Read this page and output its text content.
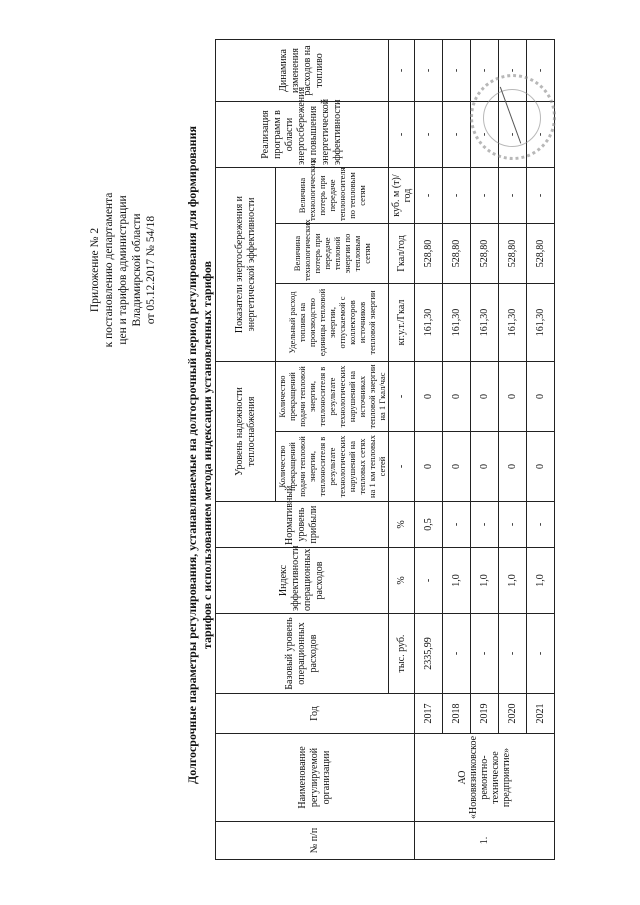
Приложение № 2 к постановлению департамента цен и тарифов администрации Владимирской области от 05.12.2017 № 54/18 Долгосрочные параметры регулирования, устанавливаемые на долгосрочный период регулирования для формирования тарифов с использованием метода индексации установленных тарифов
№ п/п	Наименование регулируемой организации	Год	Базовый уровень операционных расходов	Индекс эффективности операционных расходов	Нормативный уровень прибыли	Уровень надежности теплоснабжения		Показатели энергосбережения и энергетической эффективности			Реализация программ в области энергосбережения и повышения энергетической эффективности	Динамика изменения расходов на топливо
						Количество прекращений подачи тепловой энергии, теплоносителя в результате технологических нарушений на тепловых сетях на 1 км тепловых сетей	Количество прекращений подачи тепловой энергии, теплоносителя в результате технологических нарушений на источниках тепловой энергии на 1 Гкал/час	Удельный расход топлива на производство единицы тепловой энергии, отпускаемой с коллекторов источников тепловой энергии	Величина технологических потерь при передаче тепловой энергии по тепловым сетям	Величина технологических потерь при передаче теплоносителя по тепловым сетям		
			тыс. руб.	%	%	-	-	кг.у.т./Гкал	Гкал/год	куб. м (т)/год	-	-
1.	АО «Нововязниковское ремонтно-техническое предприятие»	2017	2335,99	-	0,5	0	0	161,30	528,80	-	-	-
		2018	-	1,0	-	0	0	161,30	528,80	-	-	-
		2019	-	1,0	-	0	0	161,30	528,80	-	-	-
		2020	-	1,0	-	0	0	161,30	528,80	-	-	-
		2021	-	1,0	-	0	0	161,30	528,80	-	-	-
